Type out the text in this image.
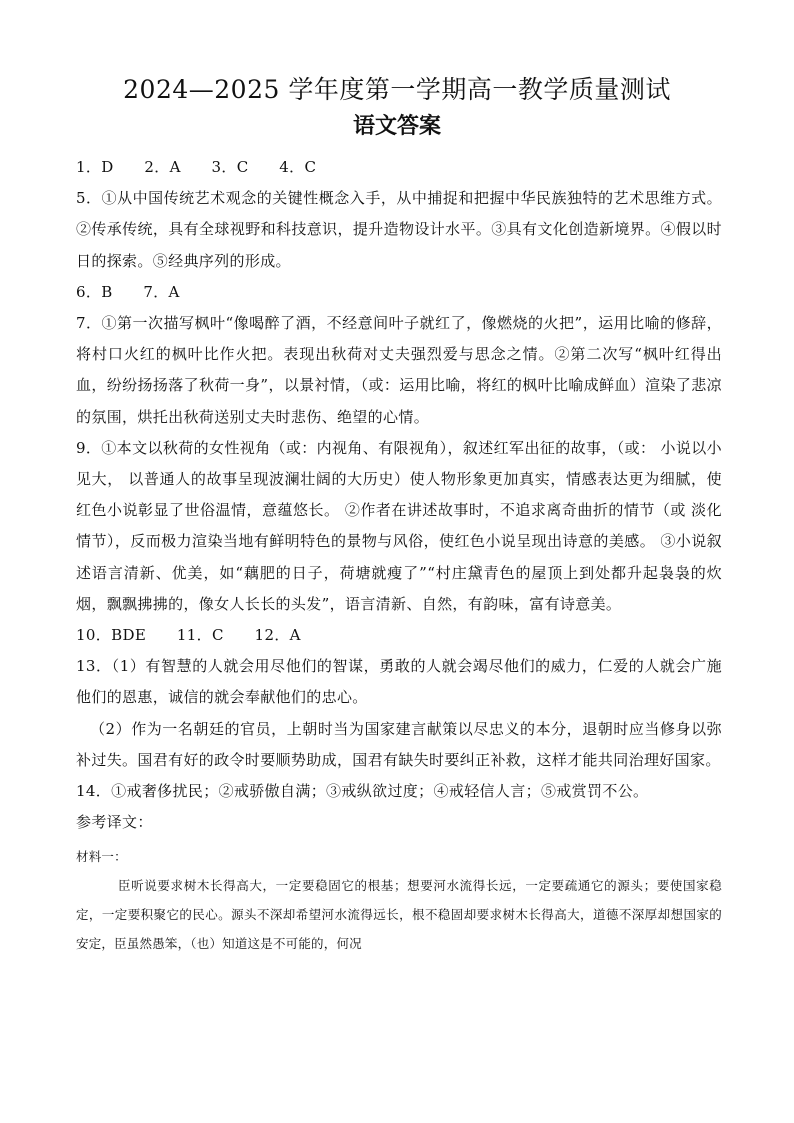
2024—2025 学年度第一学期高一教学质量测试
语文答案

1．D　　2．A　　3．C　　4．C

5．①从中国传统艺术观念的关键性概念入手，从中捕捉和把握中华民族独特的艺术思维方式。②传承传统，具有全球视野和科技意识，提升造物设计水平。③具有文化创造新境界。④假以时日的探索。⑤经典序列的形成。

6．B　　7．A

7．①第一次描写枫叶“像喝醉了酒，不经意间叶子就红了，像燃烧的火把”，运用比喻的修辞，将村口火红的枫叶比作火把。表现出秋荷对丈夫强烈爱与思念之情。②第二次写“枫叶红得出血，纷纷扬扬落了秋荷一身”，以景衬情，（或：运用比喻，将红的枫叶比喻成鲜血）渲染了悲凉的氛围，烘托出秋荷送别丈夫时悲伤、绝望的心情。

9．①本文以秋荷的女性视角（或：内视角、有限视角），叙述红军出征的故事，（或： 小说以小见大， 以普通人的故事呈现波澜壮阔的大历史）使人物形象更加真实，情感表达更为细腻，使红色小说彰显了世俗温情，意蕴悠长。 ②作者在讲述故事时，不追求离奇曲折的情节（或 淡化情节），反而极力渲染当地有鲜明特色的景物与风俗，使红色小说呈现出诗意的美感。 ③小说叙述语言清新、优美，如“藕肥的日子，荷塘就瘦了”“村庄黛青色的屋顶上到处都升起袅袅的炊烟，飘飘拂拂的，像女人长长的头发”，语言清新、自然，有韵味，富有诗意美。

10．BDE　　11．C　　12．A

13．（1）有智慧的人就会用尽他们的智谋，勇敢的人就会竭尽他们的威力，仁爱的人就会广施他们的恩惠，诚信的就会奉献他们的忠心。

（2）作为一名朝廷的官员，上朝时当为国家建言献策以尽忠义的本分，退朝时应当修身以弥补过失。国君有好的政令时要顺势助成，国君有缺失时要纠正补救，这样才能共同治理好国家。

14．①戒奢侈扰民；②戒骄傲自满；③戒纵欲过度；④戒轻信人言；⑤戒赏罚不公。

参考译文：

材料一：

臣听说要求树木长得高大，一定要稳固它的根基；想要河水流得长远，一定要疏通它的源头；要使国家稳定，一定要积聚它的民心。源头不深却希望河水流得远长，根不稳固却要求树木长得高大，道德不深厚却想国家的安定，臣虽然愚笨，（也）知道这是不可能的，何况
